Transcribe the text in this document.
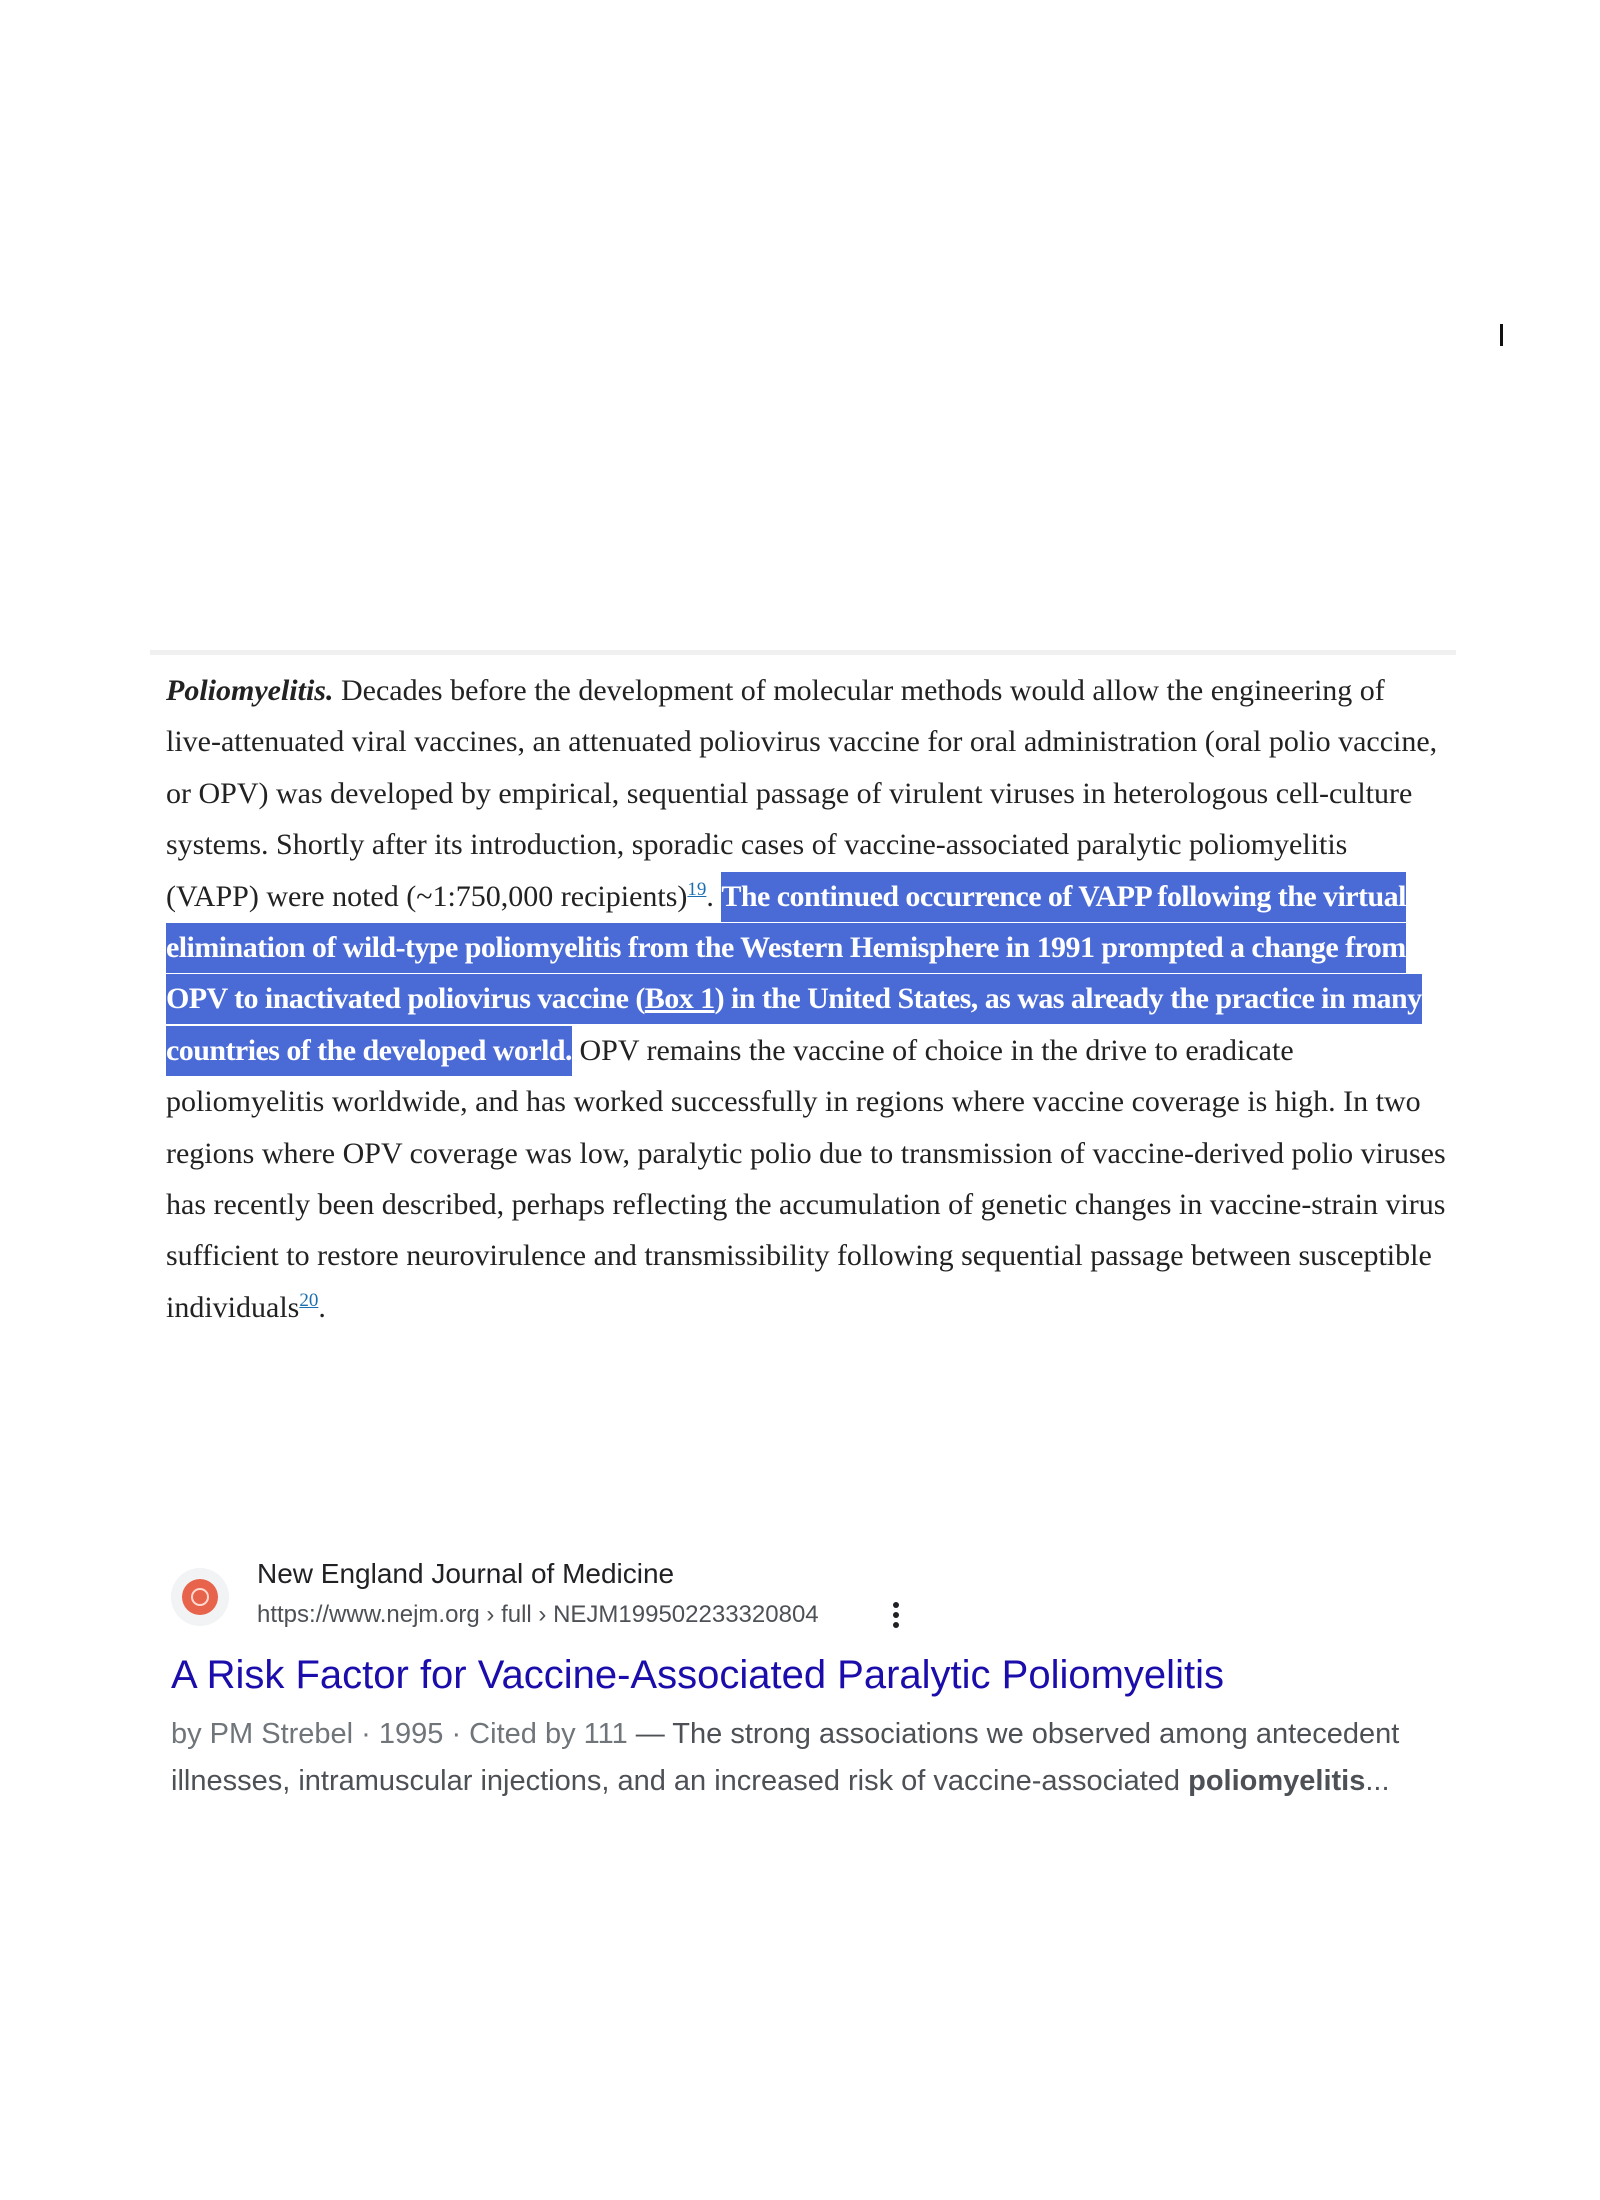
Poliomyelitis. Decades before the development of molecular methods would allow the engineering of live-attenuated viral vaccines, an attenuated poliovirus vaccine for oral administration (oral polio vaccine, or OPV) was developed by empirical, sequential passage of virulent viruses in heterologous cell-culture systems. Shortly after its introduction, sporadic cases of vaccine-associated paralytic poliomyelitis (VAPP) were noted (~1:750,000 recipients)$^{19}$. The continued occurrence of VAPP following the virtual elimination of wild-type poliomyelitis from the Western Hemisphere in 1991 prompted a change from OPV to inactivated poliovirus vaccine (Box 1) in the United States, as was already the practice in many countries of the developed world. OPV remains the vaccine of choice in the drive to eradicate poliomyelitis worldwide, and has worked successfully in regions where vaccine coverage is high. In two regions where OPV coverage was low, paralytic polio due to transmission of vaccine-derived polio viruses has recently been described, perhaps reflecting the accumulation of genetic changes in vaccine-strain virus sufficient to restore neurovirulence and transmissibility following sequential passage between susceptible individuals$^{20}$.

New England Journal of Medicine
https://www.nejm.org › full › NEJM199502233320804
A Risk Factor for Vaccine-Associated Paralytic Poliomyelitis

by PM Strebel · 1995 · Cited by 111 — The strong associations we observed among antecedent illnesses, intramuscular injections, and an increased risk of vaccine-associated poliomyelitis...
